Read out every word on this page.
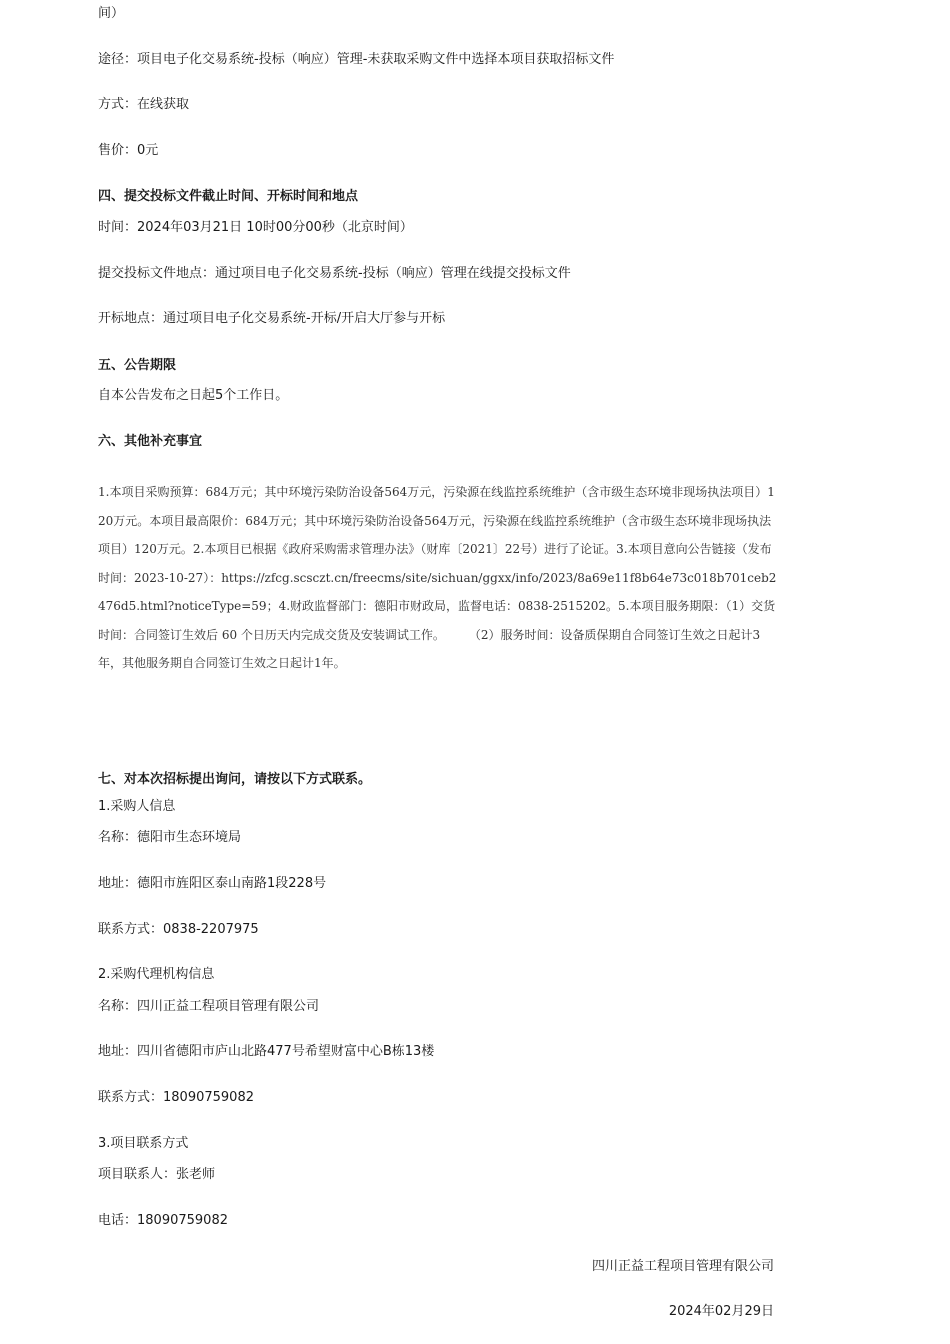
间）
途径：项目电子化交易系统-投标（响应）管理-未获取采购文件中选择本项目获取招标文件
方式：在线获取
售价：0元
四、提交投标文件截止时间、开标时间和地点
时间：2024年03月21日 10时00分00秒（北京时间）
提交投标文件地点：通过项目电子化交易系统-投标（响应）管理在线提交投标文件
开标地点：通过项目电子化交易系统-开标/开启大厅参与开标
五、公告期限
自本公告发布之日起5个工作日。
六、其他补充事宜
1.本项目采购预算：684万元；其中环境污染防治设备564万元，污染源在线监控系统维护（含市级生态环境非现场执法项目）120万元。本项目最高限价：684万元；其中环境污染防治设备564万元，污染源在线监控系统维护（含市级生态环境非现场执法项目）120万元。2.本项目已根据《政府采购需求管理办法》（财库〔2021〕22号）进行了论证。3.本项目意向公告链接（发布时间：2023-10-27）：https://zfcg.scsczt.cn/freecms/site/sichuan/ggxx/info/2023/8a69e11f8b64e73c018b701ceb2476d5.html?noticeType=59；4.财政监督部门：德阳市财政局，监督电话：0838-2515202。5.本项目服务期限：（1）交货时间：合同签订生效后 60 个日历天内完成交货及安装调试工作。　　　（2）服务时间：设备质保期自合同签订生效之日起计3年，其他服务期自合同签订生效之日起计1年。
七、对本次招标提出询问，请按以下方式联系。
1.采购人信息
名称：德阳市生态环境局
地址：德阳市旌阳区泰山南路1段228号
联系方式：0838-2207975
2.采购代理机构信息
名称：四川正益工程项目管理有限公司
地址：四川省德阳市庐山北路477号希望财富中心B栋13楼
联系方式：18090759082
3.项目联系方式
项目联系人：张老师
电话：18090759082
四川正益工程项目管理有限公司
2024年02月29日
